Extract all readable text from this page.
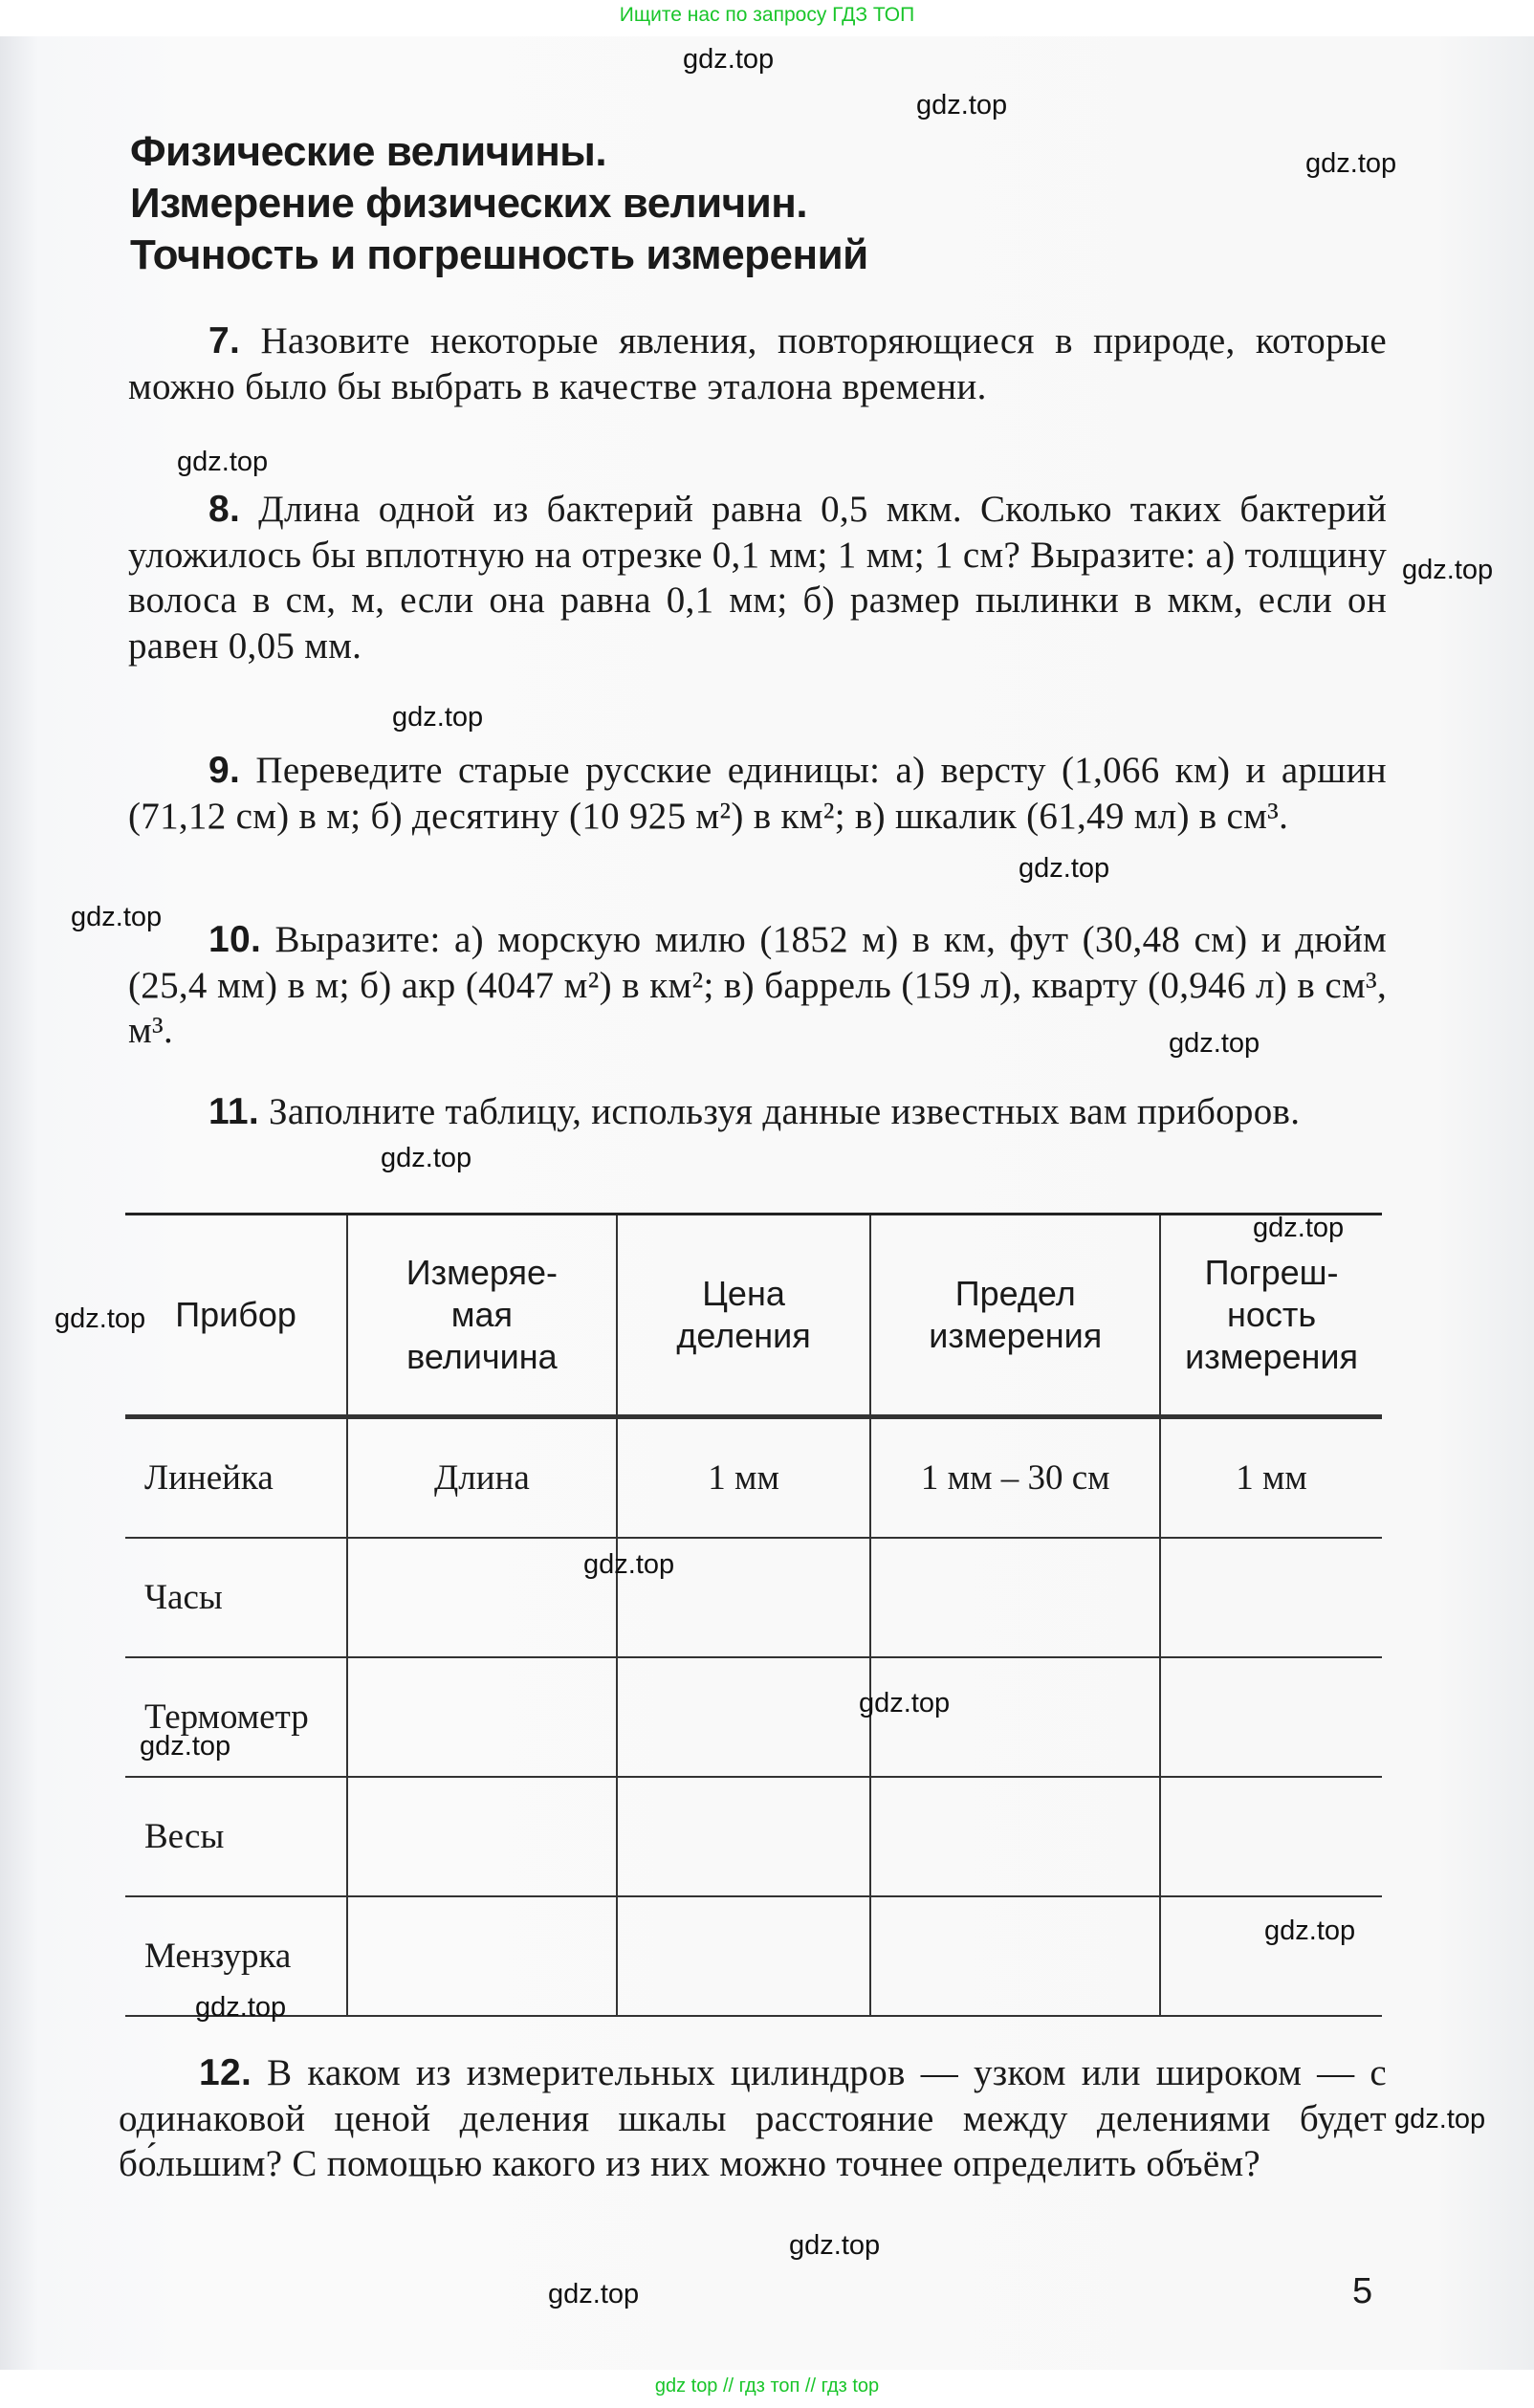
Ищите нас по запросу ГДЗ ТОП
Физические величины.
Измерение физических величин.
Точность и погрешность измерений
7. Назовите некоторые явления, повторяющиеся в природе, которые можно было бы выбрать в качестве эталона времени.
8. Длина одной из бактерий равна 0,5 мкм. Сколько таких бактерий уложилось бы вплотную на отрезке 0,1 мм; 1 мм; 1 см? Выразите: а) толщину волоса в см, м, если она равна 0,1 мм; б) размер пылинки в мкм, если он равен 0,05 мм.
9. Переведите старые русские единицы: а) версту (1,066 км) и аршин (71,12 см) в м; б) десятину (10 925 м²) в км²; в) шкалик (61,49 мл) в см³.
10. Выразите: а) морскую милю (1852 м) в км, фут (30,48 см) и дюйм (25,4 мм) в м; б) акр (4047 м²) в км²; в) баррель (159 л), кварту (0,946 л) в см³, м³.
11. Заполните таблицу, используя данные известных вам приборов.
Прибор	Измеряе-мая величина	Цена деления	Предел измерения	Погреш-ность измерения
Линейка	Длина	1 мм	1 мм – 30 см	1 мм
Часы				
Термометр				
Весы				
Мензурка				
12. В каком из измерительных цилиндров — узком или широком — с одинаковой ценой деления шкалы расстояние между делениями будет бо́льшим? С помощью какого из них можно точнее определить объём?
5
gdz top // гдз топ // гдз top
gdz.top
gdz.top
gdz.top
gdz.top
gdz.top
gdz.top
gdz.top
gdz.top
gdz.top
gdz.top
gdz.top
gdz.top
gdz.top
gdz.top
gdz.top
gdz.top
gdz.top
gdz.top
gdz.top
gdz.top
